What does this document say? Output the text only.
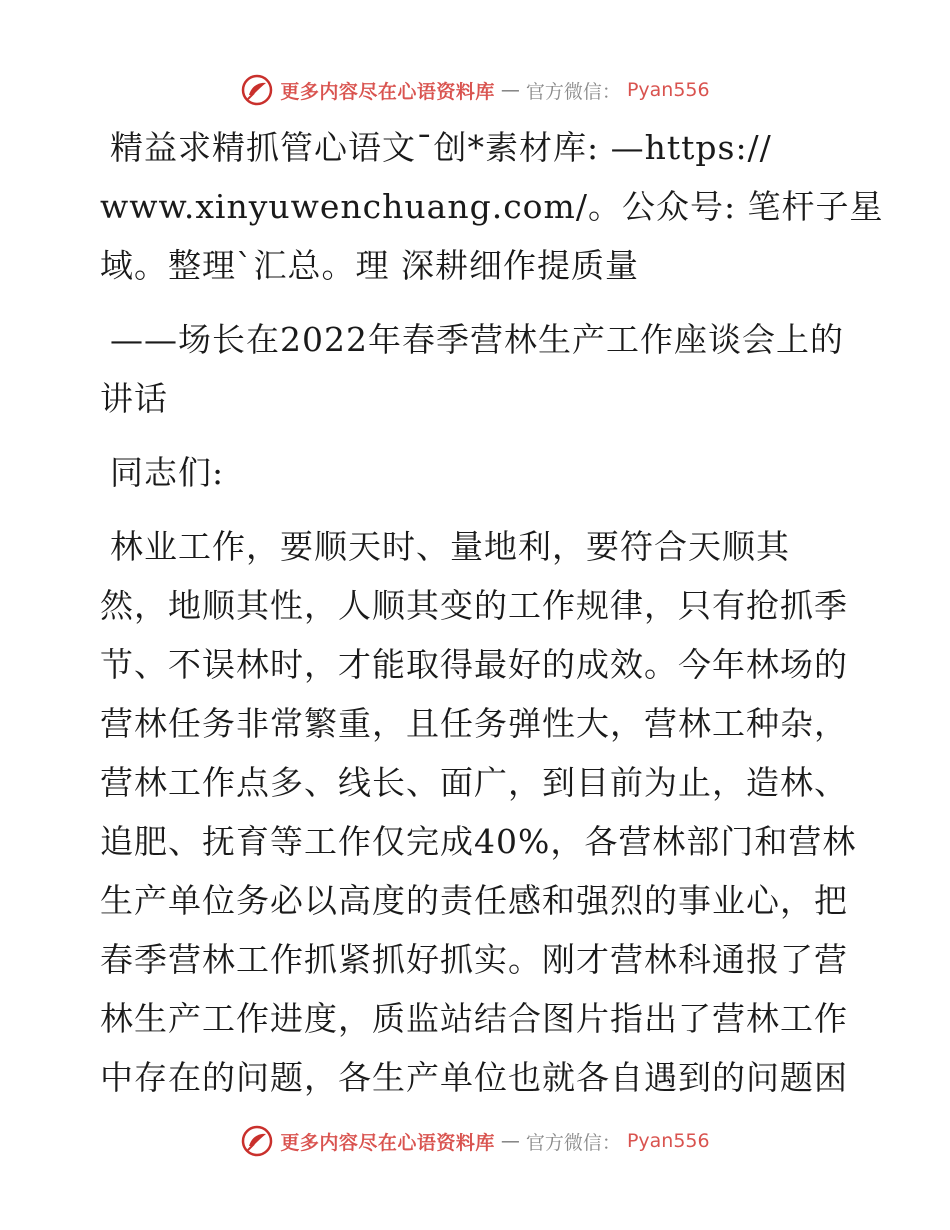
更多内容尽在心语资料库 — 官方微信： Pyan556
精益求精抓管心语文¯创*素材库: —https://
www.xinyuwenchuang.com/。公众号: 笔杆子星
域。整理`汇总。理 深耕细作提质量
——场长在2022年春季营林生产工作座谈会上的
讲话
同志们:
林业工作，要顺天时、量地利，要符合天顺其
然，地顺其性，人顺其变的工作规律，只有抢抓季
节、不误林时，才能取得最好的成效。今年林场的
营林任务非常繁重，且任务弹性大，营林工种杂，
营林工作点多、线长、面广，到目前为止，造林、
追肥、抚育等工作仅完成40%，各营林部门和营林
生产单位务必以高度的责任感和强烈的事业心，把
春季营林工作抓紧抓好抓实。刚才营林科通报了营
林生产工作进度，质监站结合图片指出了营林工作
中存在的问题，各生产单位也就各自遇到的问题困
更多内容尽在心语资料库 — 官方微信： Pyan556
